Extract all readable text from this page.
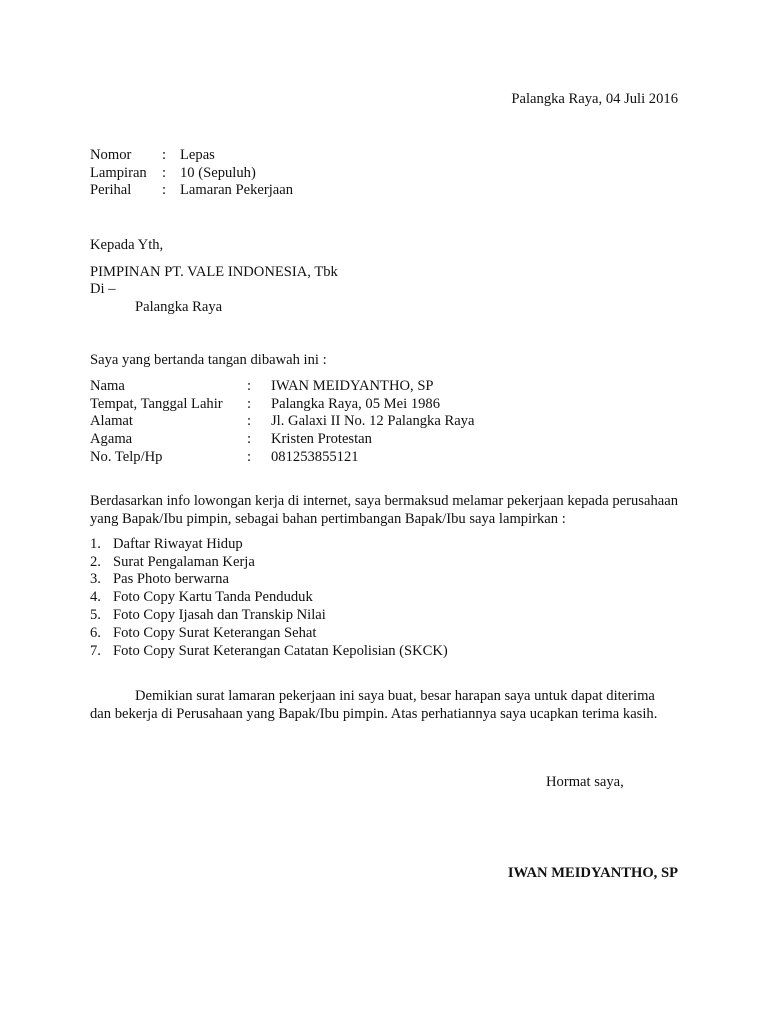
Palangka Raya, 04 Juli 2016
Nomor : Lepas
Lampiran : 10 (Sepuluh)
Perihal : Lamaran Pekerjaan
Kepada Yth,
PIMPINAN PT. VALE INDONESIA, Tbk
Di –
Palangka Raya
Saya yang bertanda tangan dibawah ini :
Nama	: IWAN MEIDYANTHO, SP
Tempat, Tanggal Lahir : Palangka Raya, 05 Mei 1986
Alamat	: Jl. Galaxi II No. 12 Palangka Raya
Agama	: Kristen Protestan
No. Telp/Hp	: 081253855121
Berdasarkan info lowongan kerja di internet, saya bermaksud melamar pekerjaan kepada perusahaan yang Bapak/Ibu pimpin, sebagai bahan pertimbangan Bapak/Ibu saya lampirkan :
1. Daftar Riwayat Hidup
2. Surat Pengalaman Kerja
3. Pas Photo berwarna
4. Foto Copy Kartu Tanda Penduduk
5. Foto Copy Ijasah dan Transkip Nilai
6. Foto Copy Surat Keterangan Sehat
7. Foto Copy Surat Keterangan Catatan Kepolisian (SKCK)
Demikian surat lamaran pekerjaan ini saya buat, besar harapan saya untuk dapat diterima
dan bekerja di Perusahaan yang Bapak/Ibu pimpin. Atas perhatiannya saya ucapkan terima kasih.
Hormat saya,
IWAN MEIDYANTHO, SP
